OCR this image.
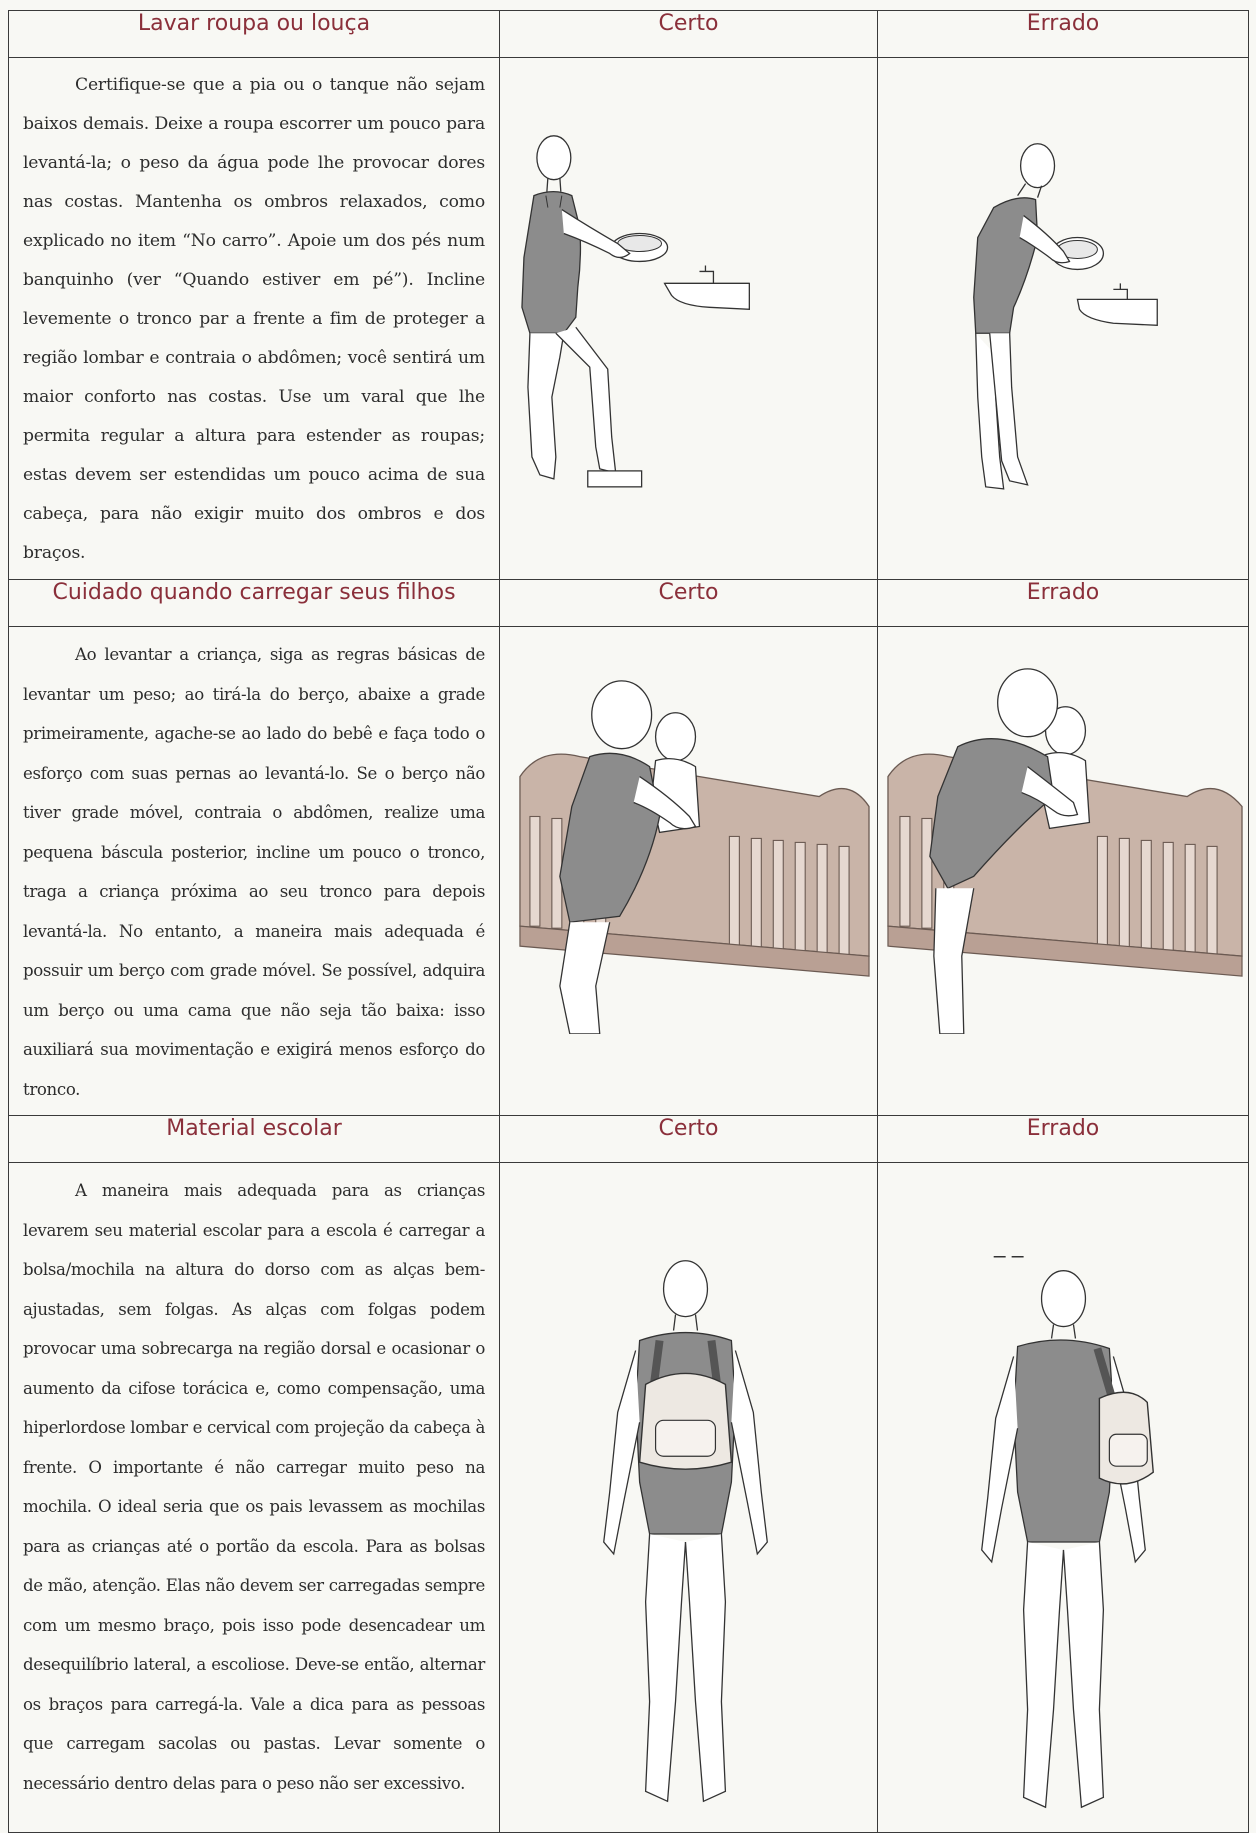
Lavar roupa ou louça	Certo	Errado

Certifique-se que a pia ou o tanque não sejam baixos demais. Deixe a roupa escorrer um pouco para levantá-la; o peso da água pode lhe provocar dores nas costas. Mantenha os ombros relaxados, como explicado no item “No carro”. Apoie um dos pés num banquinho (ver “Quando estiver em pé”). Incline levemente o tronco par a frente a fim de proteger a região lombar e contraia o abdômen; você sentirá um maior conforto nas costas. Use um varal que lhe permita regular a altura para estender as roupas; estas devem ser estendidas um pouco acima de sua cabeça, para não exigir muito dos ombros e dos braços.

Cuidado quando carregar seus filhos	Certo	Errado

Ao levantar a criança, siga as regras básicas de levantar um peso; ao tirá-la do berço, abaixe a grade primeiramente, agache-se ao lado do bebê e faça todo o esforço com suas pernas ao levantá-lo. Se o berço não tiver grade móvel, contraia o abdômen, realize uma pequena báscula posterior, incline um pouco o tronco, traga a criança próxima ao seu tronco para depois levantá-la. No entanto, a maneira mais adequada é possuir um berço com grade móvel. Se possível, adquira um berço ou uma cama que não seja tão baixa: isso auxiliará sua movimentação e exigirá menos esforço do tronco.

Material escolar	Certo	Errado

A maneira mais adequada para as crianças levarem seu material escolar para a escola é carregar a bolsa/mochila na altura do dorso com as alças bem-ajustadas, sem folgas. As alças com folgas podem provocar uma sobrecarga na região dorsal e ocasionar o aumento da cifose torácica e, como compensação, uma hiperlordose lombar e cervical com projeção da cabeça à frente. O importante é não carregar muito peso na mochila. O ideal seria que os pais levassem as mochilas para as crianças até o portão da escola. Para as bolsas de mão, atenção. Elas não devem ser carregadas sempre com um mesmo braço, pois isso pode desencadear um desequilíbrio lateral, a escoliose. Deve-se então, alternar os braços para carregá-la. Vale a dica para as pessoas que carregam sacolas ou pastas. Levar somente o necessário dentro delas para o peso não ser excessivo.
